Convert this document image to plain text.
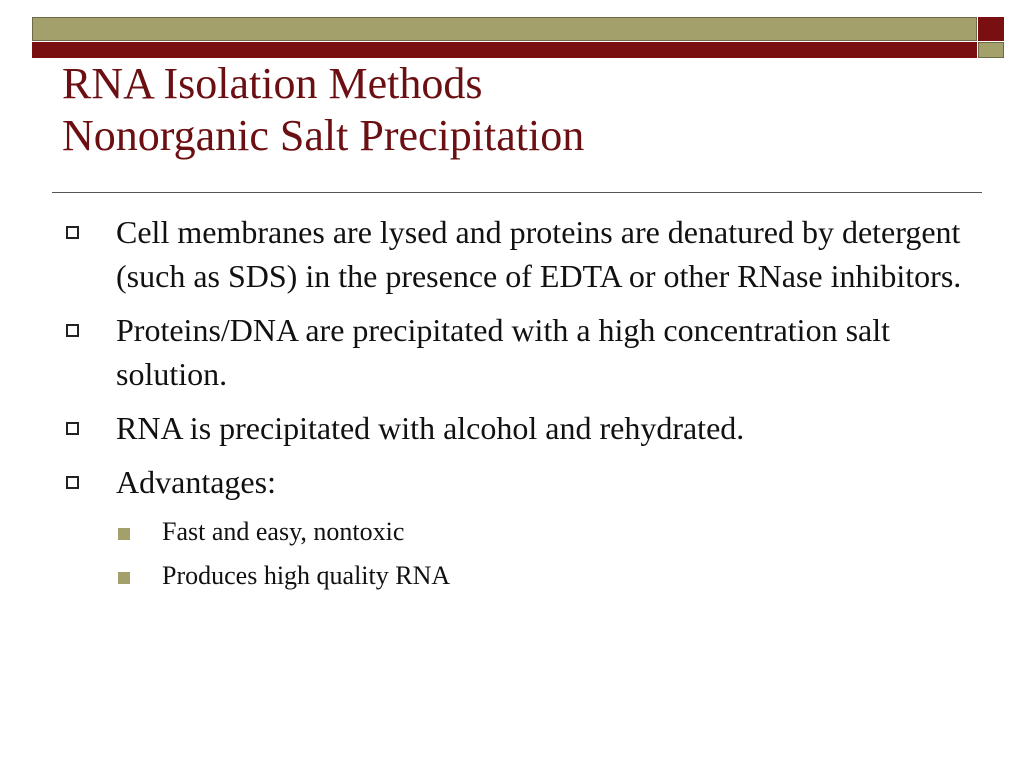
RNA Isolation Methods
Nonorganic Salt Precipitation
Cell membranes are lysed and proteins are denatured by detergent (such as SDS) in the presence of EDTA or other RNase inhibitors.
Proteins/DNA are precipitated with a high concentration salt solution.
RNA is precipitated with alcohol and rehydrated.
Advantages:
Fast and easy, nontoxic
Produces high quality RNA
